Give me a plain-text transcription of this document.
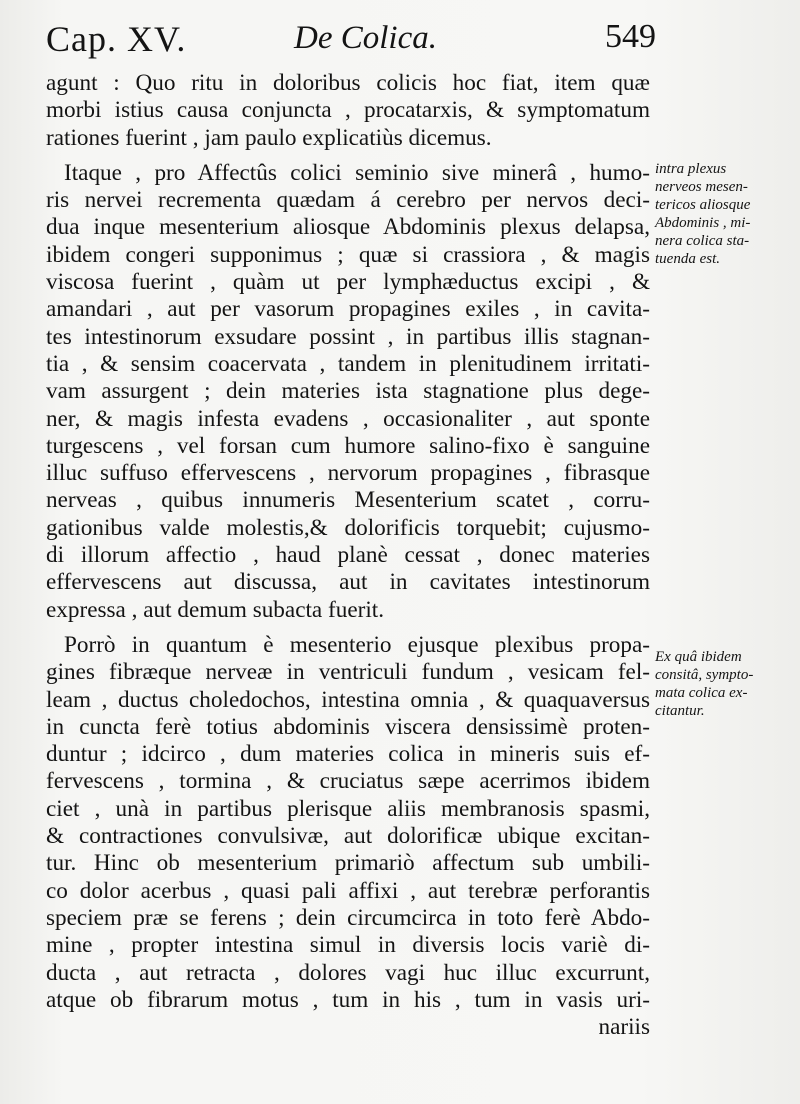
Cap. XV.	De Colica.	549

agunt : Quo ritu in doloribus colicis hoc fiat, item quæ
morbi istius causa conjuncta , procatarxis, & symptomatum
rationes fuerint , jam paulo explicatiùs dicemus.

Itaque , pro Affectûs colici seminio sive minerâ , humo-
ris nervei recrementa quædam á cerebro per nervos deci-
dua inque mesenterium aliosque Abdominis plexus delapsa,
ibidem congeri supponimus ; quæ si crassiora , & magis
viscosa fuerint , quàm ut per lymphæductus excipi , &
amandari , aut per vasorum propagines exiles , in cavita-
tes intestinorum exsudare possint , in partibus illis stagnan-
tia , & sensim coacervata , tandem in plenitudinem irritati-
vam assurgent ; dein materies ista stagnatione plus dege-
ner, & magis infesta evadens , occasionaliter , aut sponte
turgescens , vel forsan cum humore salino-fixo è sanguine
illuc suffuso effervescens , nervorum propagines , fibrasque
nerveas , quibus innumeris Mesenterium scatet , corru-
gationibus valde molestis,& dolorificis torquebit; cujusmo-
di illorum affectio , haud planè cessat , donec materies
effervescens aut discussa, aut in cavitates intestinorum
expressa , aut demum subacta fuerit.

Porrò in quantum è mesenterio ejusque plexibus propa-
gines fibræque nerveæ in ventriculi fundum , vesicam fel-
leam , ductus choledochos, intestina omnia , & quaquaversus
in cuncta ferè totius abdominis viscera densissimè proten-
duntur ; idcirco , dum materies colica in mineris suis ef-
fervescens , tormina , & cruciatus sæpe acerrimos ibidem
ciet , unà in partibus plerisque aliis membranosis spasmi,
& contractiones convulsivæ, aut dolorificæ ubique excitan-
tur. Hinc ob mesenterium primariò affectum sub umbili-
co dolor acerbus , quasi pali affixi , aut terebræ perforantis
speciem præ se ferens ; dein circumcirca in toto ferè Abdo-
mine , propter intestina simul in diversis locis variè di-
ducta , aut retracta , dolores vagi huc illuc excurrunt,
atque ob fibrarum motus , tum in his , tum in vasis uri-

nariis
intra plexus
nerveos mesen-
tericos aliosque
Abdominis , mi-
nera colica sta-
tuenda est.
Ex quâ ibidem
consitâ, sympto-
mata colica ex-
citantur.
